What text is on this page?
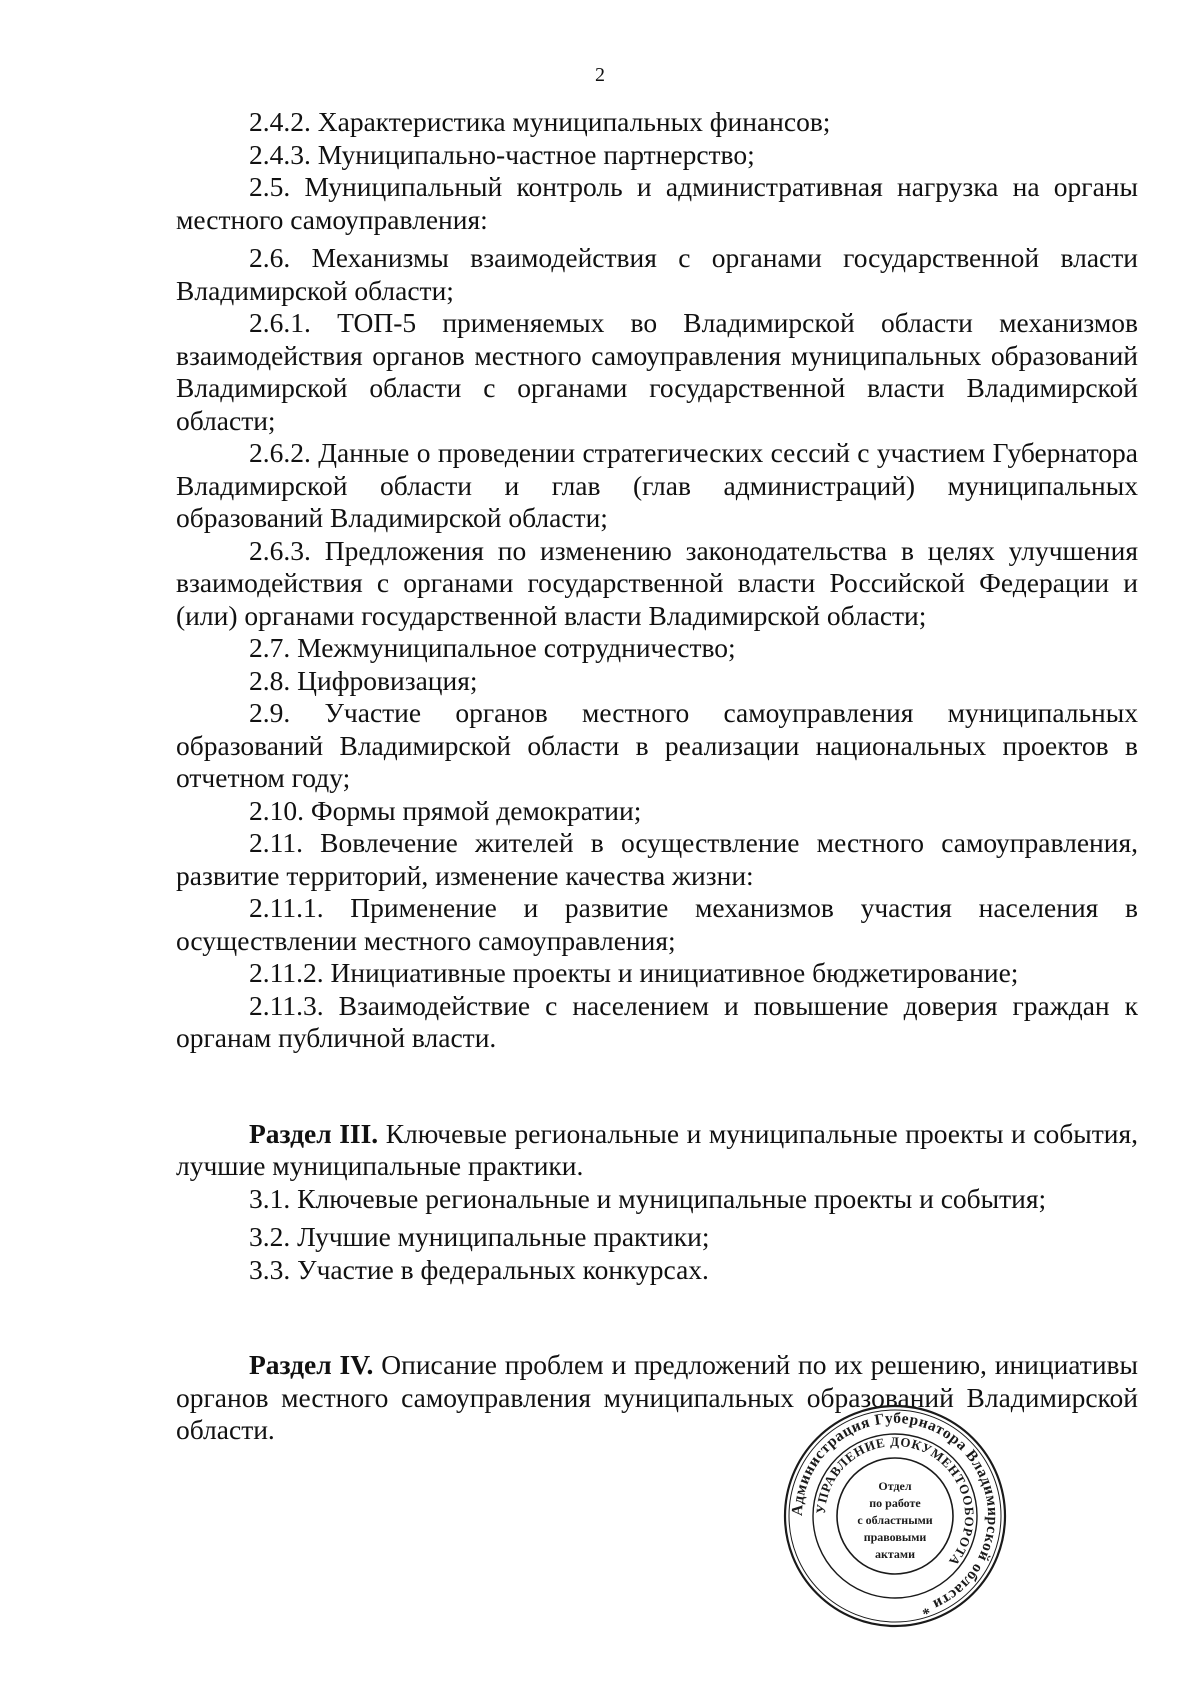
2

2.4.2. Характеристика муниципальных финансов;

2.4.3. Муниципально-частное партнерство;

2.5. Муниципальный контроль и административная нагрузка на органы местного самоуправления:

2.6. Механизмы взаимодействия с органами государственной власти Владимирской области;

2.6.1. ТОП-5 применяемых во Владимирской области механизмов взаимодействия органов местного самоуправления муниципальных образований Владимирской области с органами государственной власти Владимирской области;

2.6.2. Данные о проведении стратегических сессий с участием Губернатора Владимирской области и глав (глав администраций) муниципальных образований Владимирской области;

2.6.3. Предложения по изменению законодательства в целях улучшения взаимодействия с органами государственной власти Российской Федерации и (или) органами государственной власти Владимирской области;

2.7. Межмуниципальное сотрудничество;

2.8. Цифровизация;

2.9. Участие органов местного самоуправления муниципальных образований Владимирской области в реализации национальных проектов в отчетном году;

2.10. Формы прямой демократии;

2.11. Вовлечение жителей в осуществление местного самоуправления, развитие территорий, изменение качества жизни:

2.11.1. Применение и развитие механизмов участия населения в осуществлении местного самоуправления;

2.11.2. Инициативные проекты и инициативное бюджетирование;

2.11.3. Взаимодействие с населением и повышение доверия граждан к органам публичной власти.

Раздел III. Ключевые региональные и муниципальные проекты и события, лучшие муниципальные практики.

3.1. Ключевые региональные и муниципальные проекты и события;

3.2. Лучшие муниципальные практики;

3.3. Участие в федеральных конкурсах.

Раздел IV. Описание проблем и предложений по их решению, инициативы органов местного самоуправления муниципальных образований Владимирской области.

Администрация Губернатора Владимирской области *
УПРАВЛЕНИЕ ДОКУМЕНТООБОРОТА
Отдел
по работе
с областными
правовыми
актами
